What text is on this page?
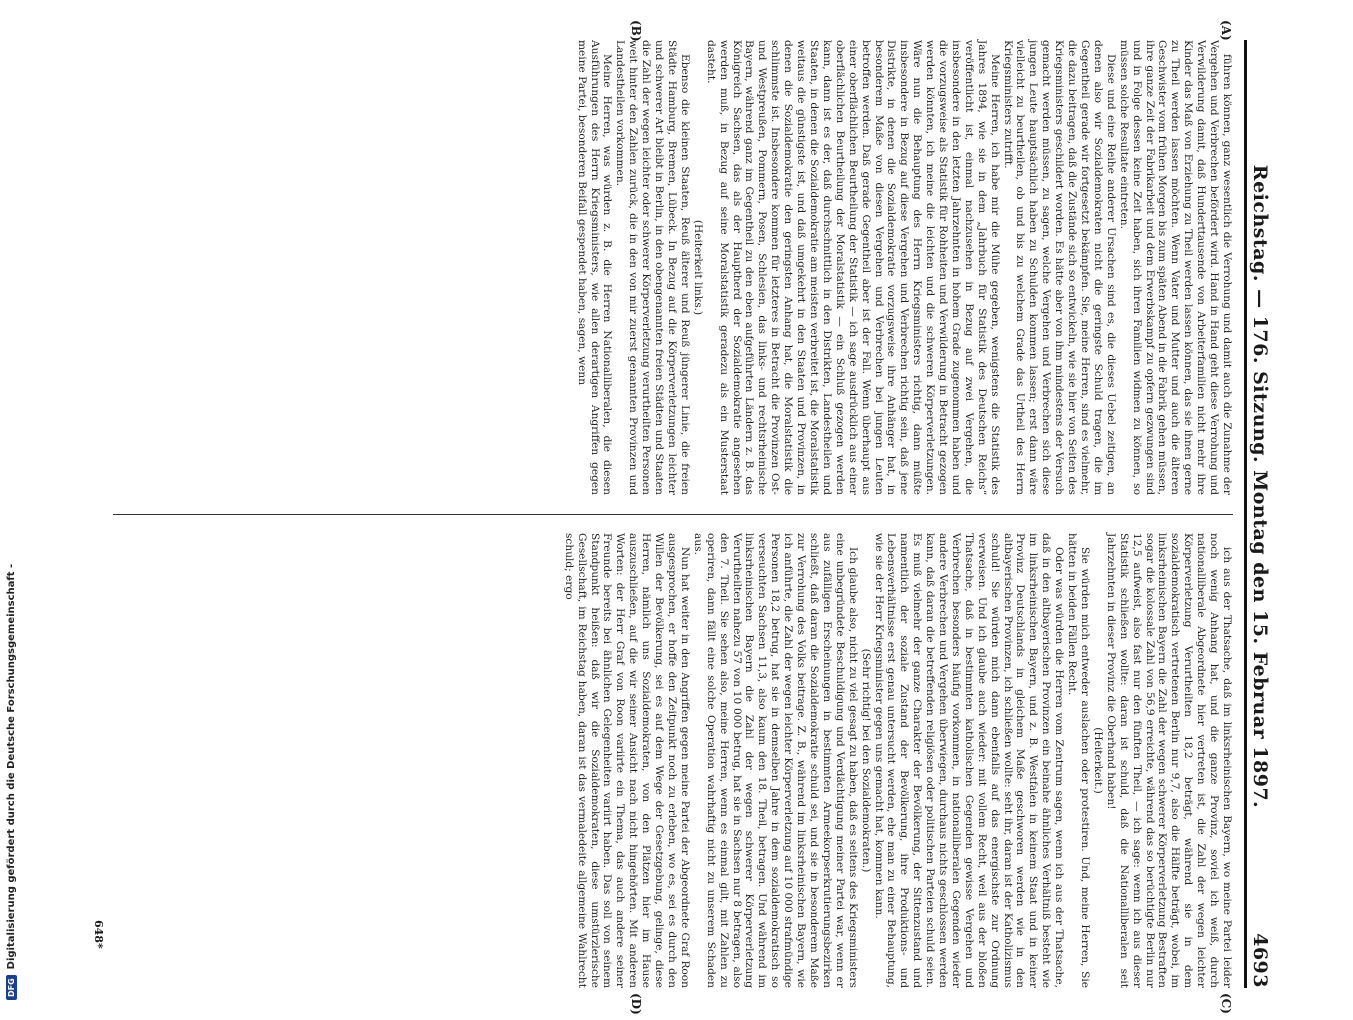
DFG
Digitalisierung gefördert durch die Deutsche Forschungsgemeinschaft -	Reichstag. — 176. Sitzung. Montag den 15. Februar 1897.
4693
(A)
(B)
(C)
(D)

führen können, ganz wesentlich die Verrohung und damit auch die Zunahme der Vergehen und Verbrechen befördert wird. Hand in Hand geht diese Verrohung und Verwilderung damit, daß Hunderttausende von Arbeiterfamilien nicht mehr ihre Kinder das Maß von Erziehung zu Theil werden lassen können, das sie ihnen gerne zu Theil werden lassen möchten. Wenn Vater und Mutter und auch die älteren Geschwister vom frühen Morgen bis zum späten Abend in die Fabrik gehen müssen, ihre ganze Zeit der Fabrikarbeit und dem Erwerbskampf zu opfern gezwungen sind und in Folge dessen keine Zeit haben, sich ihren Familien widmen zu können, so müssen solche Resultate eintreten.

Diese und eine Reihe anderer Ursachen sind es, die dieses Uebel zeitigen, an denen also wir Sozialdemokraten nicht die geringste Schuld tragen, die im Gegentheil gerade wir fortgesetzt bekämpfen. Sie, meine Herren, sind es vielmehr, die dazu beitragen, daß die Zustände sich so entwickeln, wie sie hier von Seiten des Kriegsministers geschildert worden. Es hätte aber von ihm mindestens der Versuch gemacht werden müssen, zu sagen, welche Vergehen und Verbrechen sich diese jungen Leute hauptsächlich haben zu Schulden kommen lassen; erst dann wäre vielleicht zu beurtheilen, ob und bis zu welchem Grade das Urtheil des Herrn Kriegsministers zutrifft.

Meine Herren, ich habe mir die Mühe gegeben, wenigstens die Statistik des Jahres 1894, wie sie in dem „Jahrbuch für Statistik des Deutschen Reichs“ veröffentlicht ist, einmal nachzusehen in Bezug auf zwei Vergehen, die insbesondere in den letzten Jahrzehnten in hohem Grade zugenommen haben und die vorzugsweise als Statistik für Rohheiten und Verwilderung in Betracht gezogen werden könnten, ich meine die leichten und die schweren Körperverletzungen. Wäre nun die Behauptung des Herrn Kriegsministers richtig, dann müßte insbesondere in Bezug auf diese Vergehen und Verbrechen richtig sein, daß jene Distrikte, in denen die Sozialdemokratie vorzugsweise ihre Anhänger hat, in besonderem Maße von diesen Vergehen und Verbrechen bei jungen Leuten betroffen werden. Daß gerade Gegentheil aber ist der Fall. Wenn überhaupt aus einer oberflächlichen Beurtheilung der Statistik — ich sage ausdrücklich aus einer oberflächlichen Beurtheilung der Moralstatistik — ein Schluß gezogen werden kann, dann ist es der, daß durchschnittlich in den Distrikten, Landestheilen und Staaten, in denen die Sozialdemokratie am meisten verbreitet ist, die Moralstatistik weitaus die günstigste ist, und daß umgekehrt in den Staaten und Provinzen, in denen die Sozialdemokratie den geringsten Anhang hat, die Moralstatistik die schlimmste ist. Insbesondere kommen für letzteres in Betracht die Provinzen Ost- und Westpreußen, Pommern, Posen, Schlesien, das links- und rechtsrheinische Bayern, während ganz im Gegentheil zu den eben aufgeführten Ländern z. B. das Königreich Sachsen, das als der Hauptherd der Sozialdemokratie angesehen werden muß, in Bezug auf seine Moralstatistik geradezu als ein Musterstaat dasteht.

(Heiterkeit links.)

Ebenso die kleinen Staaten, Reuß älterer und Reuß jüngerer Linie, die freien Städte Hamburg, Bremen, Lübeck. In Bezug auf die Körperverletzungen leichter und schwerer Art bleibt in Berlin, in den obengenannten freien Städten und Staaten die Zahl der wegen leichter oder schwerer Körperverletzung verurtheilten Personen weit hinter den Zahlen zurück, die in den von mir zuerst genannten Provinzen und Landestheilen vorkommen.

Meine Herren, was würden z. B. die Herren Nationalliberalen, die diesen Ausführungen des Herrn Kriegsministers, wie allen derartigen Angriffen gegen meine Partei, besonderen Beifall gespendet haben, sagen, wenn

ich aus der Thatsache, daß im linksrheinischen Bayern, wo meine Partei leider noch wenig Anhang hat, und die ganze Provinz, soviel ich weiß, durch nationalliberale Abgeordnete hier vertreten ist, die Zahl der wegen leichter Körperverletzung Verurtheilten 18,2 beträgt, während sie in dem sozialdemokratisch vertretenen Berlin nur 9,7, also die Hälfte beträgt, wobei, im linksrheinischen Bayern die Zahl der wegen schwerer Körperverletzung Bestraften sogar die kolossale Zahl von 56,9 erreichte, während das so berüchtigte Berlin nur 12,5 aufweist, also fast nur den fünften Theil, — ich sage: wenn ich aus dieser Statistik schließen wollte: daran ist schuld, daß die Nationalliberalen seit Jahrzehnten in dieser Provinz die Oberhand haben!

(Heiterkeit.)

Sie würden mich entweder auslachen oder protestiren. Und, meine Herren, Sie hätten in beiden Fällen Recht.

Oder was würden die Herren vom Zentrum sagen, wenn ich aus der Thatsache, daß in den altbayerischen Provinzen ein beinahe ähnliches Verhältniß besteht wie im linksrheinischen Bayern, und z. B. Westfalen in keinem Staat und in keiner Provinz Deutschlands in gleichem Maße geschworen werden wie in den altbayerischen Provinzen, ich schließen wollte: seht ihr, daran ist der Katholizismus schuld! Sie würden mich dann ebenfalls auf das energischste zur Ordnung verweisen. Und ich glaube auch wieder: mit vollem Recht, weil aus der bloßen Thatsache, daß in bestimmten katholischen Gegenden gewisse Vergehen und Verbrechen besonders häufig vorkommen, in nationalliberalen Gegenden wieder andere Verbrechen und Vergehen überwiegen, durchaus nichts geschlossen werden kann, daß daran die betreffenden religiösen oder politischen Parteien schuld seien. Es muß vielmehr der ganze Charakter der Bevölkerung, der Sittenzustand und namentlich der soziale Zustand der Bevölkerung, ihre Produktions- und Lebensverhältnisse erst genau untersucht werden, ehe man zu einer Behauptung, wie sie der Herr Kriegsminister gegen uns gemacht hat, kommen kann.

(Sehr richtig! bei den Sozialdemokraten.)

Ich glaube also, nicht zu viel gesagt zu haben, daß es seitens des Kriegsministers eine unbegründete Beschuldigung und Verdächtigung meiner Partei war, wenn er aus zufälligen Erscheinungen in bestimmten Armeekorpserkrutierungsbezirken schließt, daß daran die Sozialdemokratie schuld sei, und sie in besonderem Maße zur Verrohung des Volks beitrage. Z. B., während im linksrheinischen Bayern, wie ich anführte, die Zahl der wegen leichter Körperverletzung auf 10 000 strafmündige Personen 18,2 betrug, hat sie in demselben Jahre in dem sozialdemokratisch so verseuchten Sachsen 11,3, also kaum den 18. Theil, betragen. Und während im linksrheinischen Bayern die Zahl der wegen schwerer Körperverletzung Verurtheilten nahezu 57 von 10 000 betrug, hat sie in Sachsen nur 8 betragen, also den 7. Theil. Sie sehen also, meine Herren, wenn es einmal gilt, mit Zahlen zu operiren, dann fällt eine solche Operation wahrhaftig nicht zu unserem Schaden aus.

Nun hat weiter in den Angriffen gegen meine Partei der Abgeordnete Graf Roon ausgesprochen, er hoffe den Zeitpunkt noch zu erleben, wo es, sei es durch den Willen der Bevölkerung, sei es auf dem Wege der Gesetzgebung, gelinge, diese Herren, nämlich uns Sozialdemokraten, von den Plätzen hier im Hause auszuschließen, auf die wir seiner Ansicht nach nicht hingehörten. Mit anderen Worten: der Herr Graf von Roon variirte ein Thema, das auch andere seiner Freunde bereits bei ähnlichen Gelegenheiten variirt haben. Das soll von seinem Standpunkt heißen: daß wir die Sozialdemokraten, diese umstürzlerische Gesellschaft, im Reichstag haben, daran ist das vermaledeite allgemeine Wahlrecht schuld; ergo

648*
